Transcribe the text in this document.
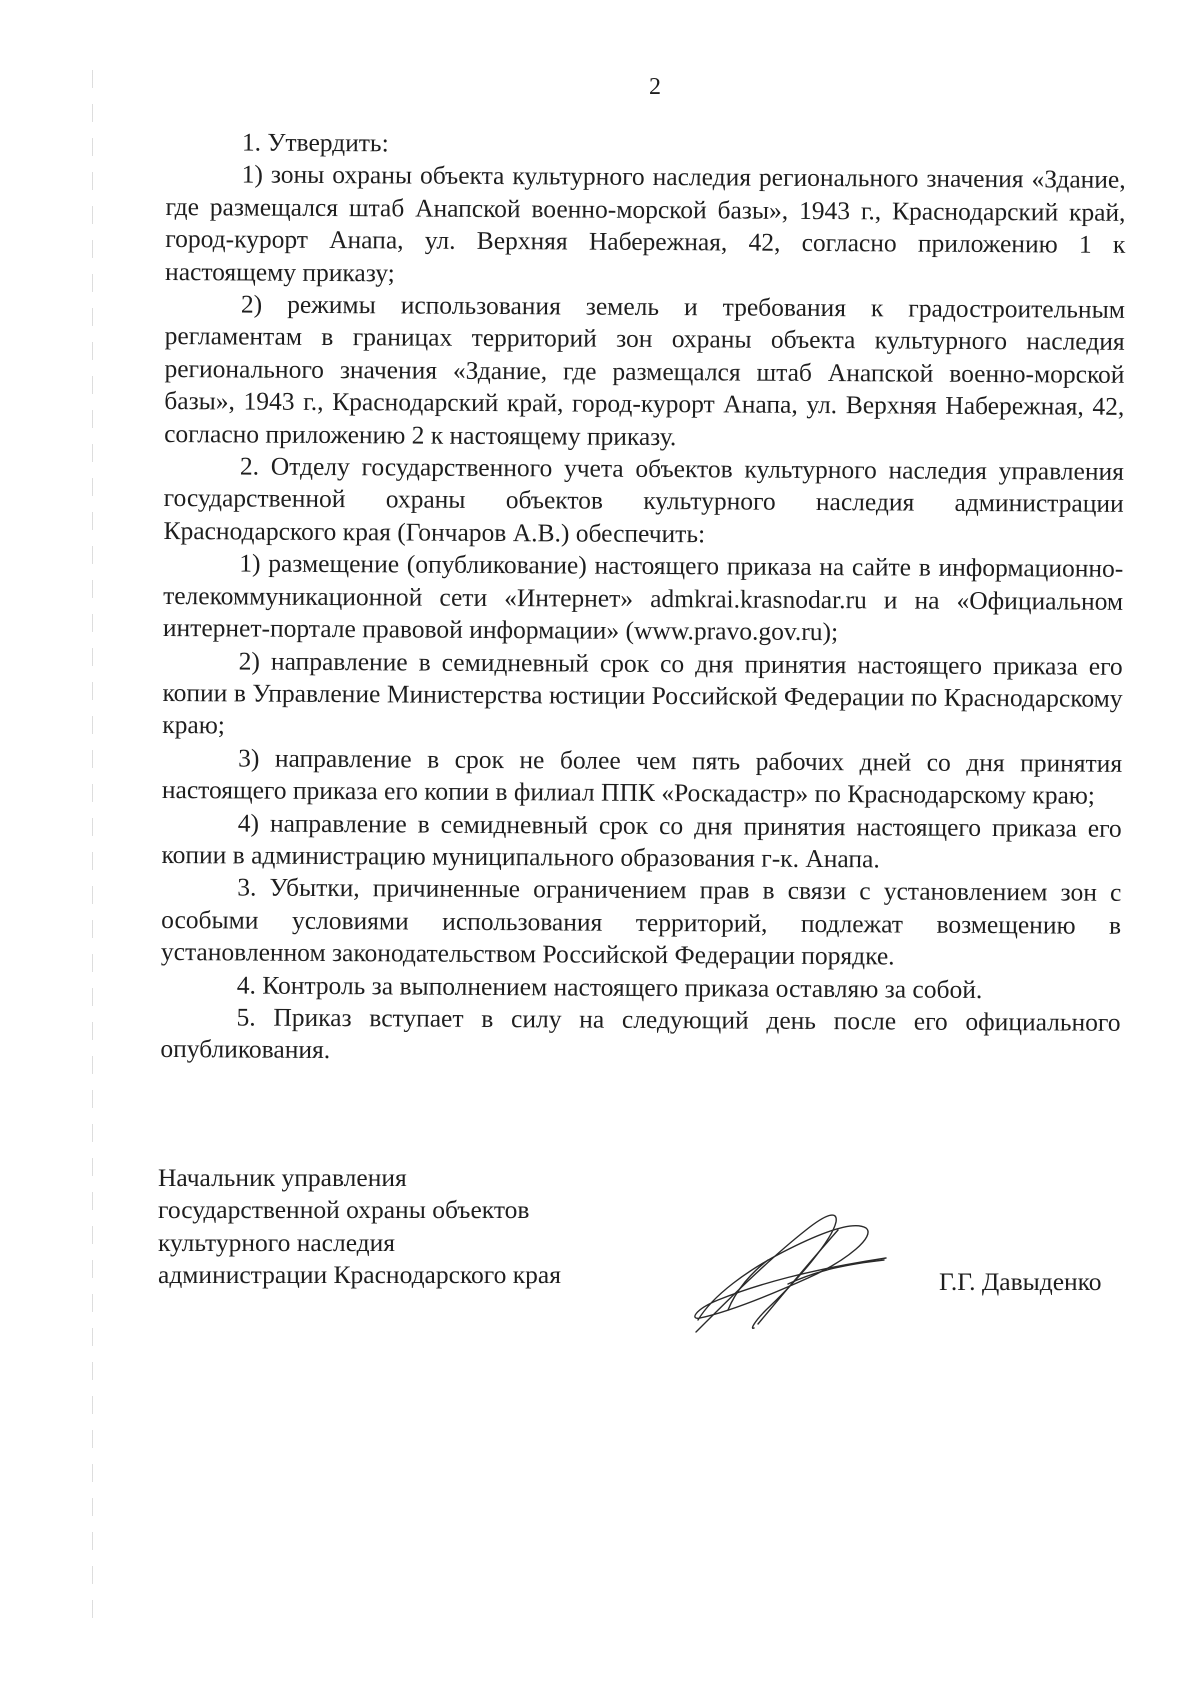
2

1. Утвердить:

1) зоны охраны объекта культурного наследия регионального значения «Здание, где размещался штаб Анапской военно-морской базы», 1943 г., Краснодарский край, город-курорт Анапа, ул. Верхняя Набережная, 42, согласно приложению 1 к настоящему приказу;

2) режимы использования земель и требования к градостроительным регламентам в границах территорий зон охраны объекта культурного наследия регионального значения «Здание, где размещался штаб Анапской военно-морской базы», 1943 г., Краснодарский край, город-курорт Анапа, ул. Верхняя Набережная, 42, согласно приложению 2 к настоящему приказу.

2. Отделу государственного учета объектов культурного наследия управления государственной охраны объектов культурного наследия администрации Краснодарского края (Гончаров А.В.) обеспечить:

1) размещение (опубликование) настоящего приказа на сайте в информационно-телекоммуникационной сети «Интернет» admkrai.krasnodar.ru и на «Официальном интернет-портале правовой информации» (www.pravo.gov.ru);

2) направление в семидневный срок со дня принятия настоящего приказа его копии в Управление Министерства юстиции Российской Федерации по Краснодарскому краю;

3) направление в срок не более чем пять рабочих дней со дня принятия настоящего приказа его копии в филиал ППК «Роскадастр» по Краснодарскому краю;

4) направление в семидневный срок со дня принятия настоящего приказа его копии в администрацию муниципального образования г-к. Анапа.

3. Убытки, причиненные ограничением прав в связи с установлением зон с особыми условиями использования территорий, подлежат возмещению в установленном законодательством Российской Федерации порядке.

4. Контроль за выполнением настоящего приказа оставляю за собой.

5. Приказ вступает в силу на следующий день после его официального опубликования.

Начальник управления
государственной охраны объектов
культурного наследия
администрации Краснодарского края	Г.Г. Давыденко
